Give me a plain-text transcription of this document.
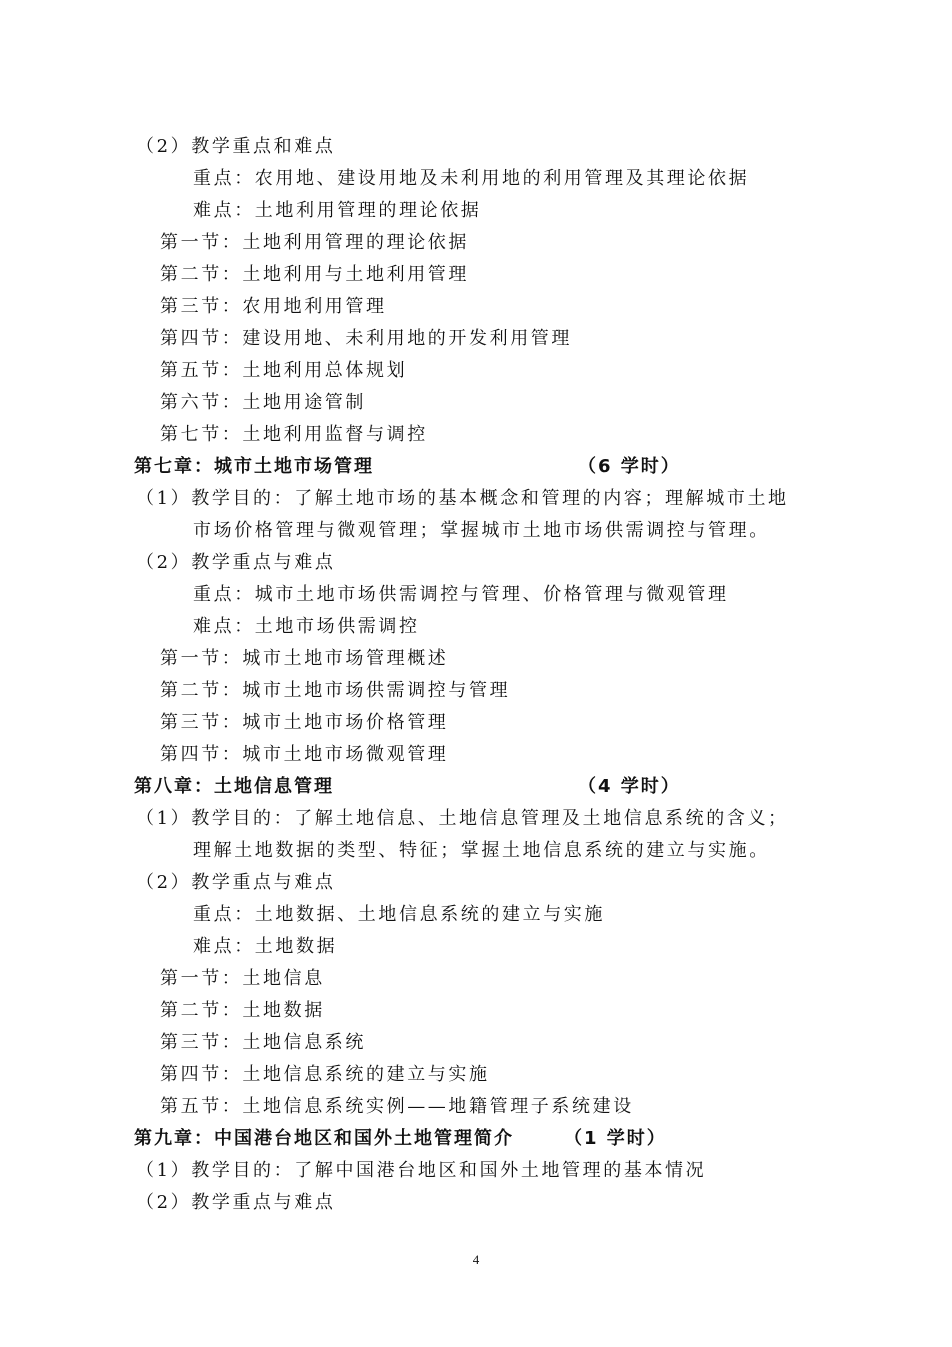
（2）教学重点和难点
重点：农用地、建设用地及未利用地的利用管理及其理论依据
难点：土地利用管理的理论依据
第一节：土地利用管理的理论依据
第二节：土地利用与土地利用管理
第三节：农用地利用管理
第四节：建设用地、未利用地的开发利用管理
第五节：土地利用总体规划
第六节：土地用途管制
第七节：土地利用监督与调控
第七章：城市土地市场管理	（6 学时）
（1）教学目的：了解土地市场的基本概念和管理的内容；理解城市土地
市场价格管理与微观管理；掌握城市土地市场供需调控与管理。
（2）教学重点与难点
重点：城市土地市场供需调控与管理、价格管理与微观管理
难点：土地市场供需调控
第一节：城市土地市场管理概述
第二节：城市土地市场供需调控与管理
第三节：城市土地市场价格管理
第四节：城市土地市场微观管理
第八章：土地信息管理	（4 学时）
（1）教学目的：了解土地信息、土地信息管理及土地信息系统的含义；
理解土地数据的类型、特征；掌握土地信息系统的建立与实施。
（2）教学重点与难点
重点：土地数据、土地信息系统的建立与实施
难点：土地数据
第一节：土地信息
第二节：土地数据
第三节：土地信息系统
第四节：土地信息系统的建立与实施
第五节：土地信息系统实例——地籍管理子系统建设
第九章：中国港台地区和国外土地管理简介	（1 学时）
（1）教学目的：了解中国港台地区和国外土地管理的基本情况
（2）教学重点与难点
4
